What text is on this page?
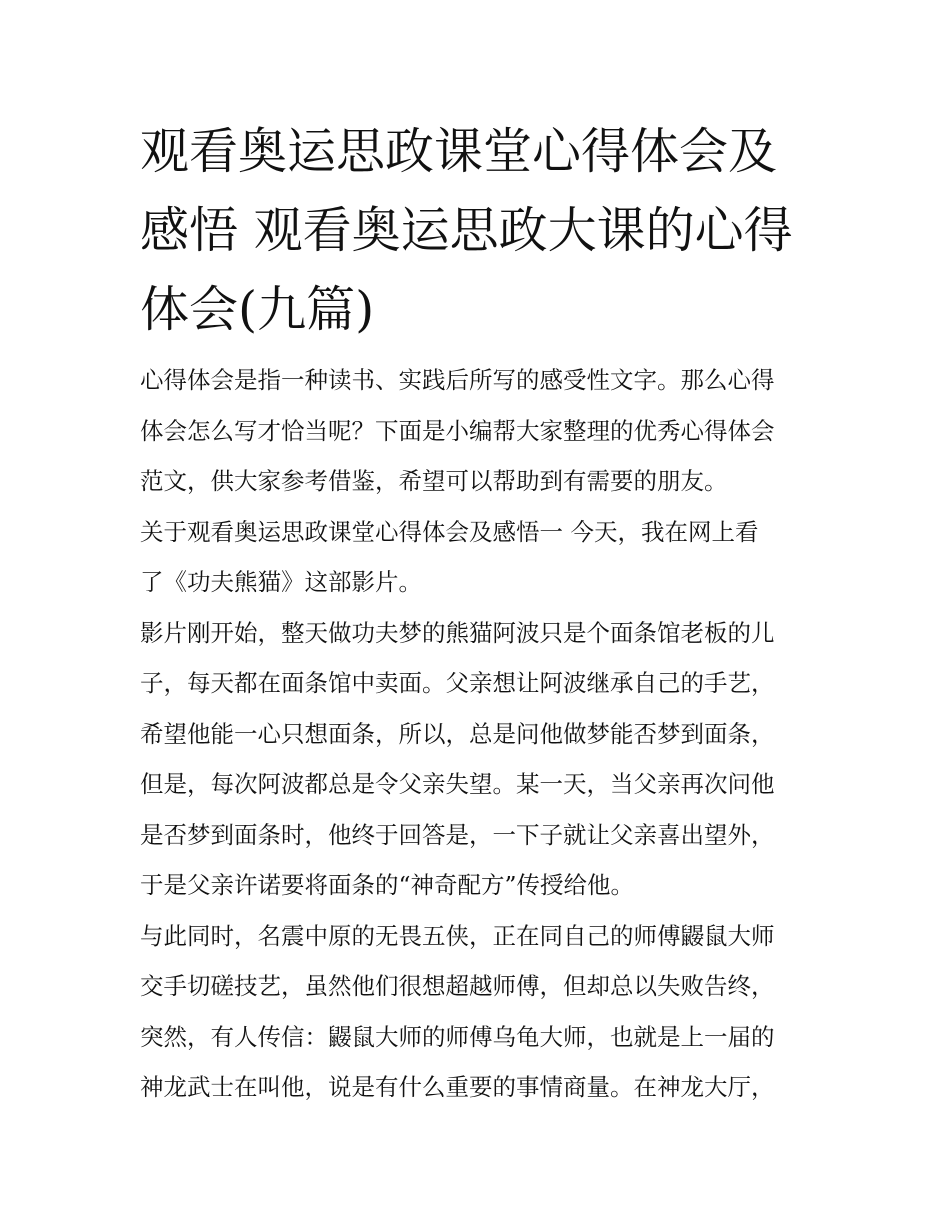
观看奥运思政课堂心得体会及
感悟 观看奥运思政大课的心得
体会(九篇)
心得体会是指一种读书、实践后所写的感受性文字。那么心得
体会怎么写才恰当呢？下面是小编帮大家整理的优秀心得体会
范文，供大家参考借鉴，希望可以帮助到有需要的朋友。
关于观看奥运思政课堂心得体会及感悟一 今天，我在网上看
了《功夫熊猫》这部影片。
影片刚开始，整天做功夫梦的熊猫阿波只是个面条馆老板的儿
子，每天都在面条馆中卖面。父亲想让阿波继承自己的手艺，
希望他能一心只想面条，所以，总是问他做梦能否梦到面条，
但是，每次阿波都总是令父亲失望。某一天，当父亲再次问他
是否梦到面条时，他终于回答是，一下子就让父亲喜出望外，
于是父亲许诺要将面条的“神奇配方”传授给他。
与此同时，名震中原的无畏五侠，正在同自己的师傅鼹鼠大师
交手切磋技艺，虽然他们很想超越师傅，但却总以失败告终，
突然，有人传信：鼹鼠大师的师傅乌龟大师，也就是上一届的
神龙武士在叫他，说是有什么重要的事情商量。在神龙大厅，
